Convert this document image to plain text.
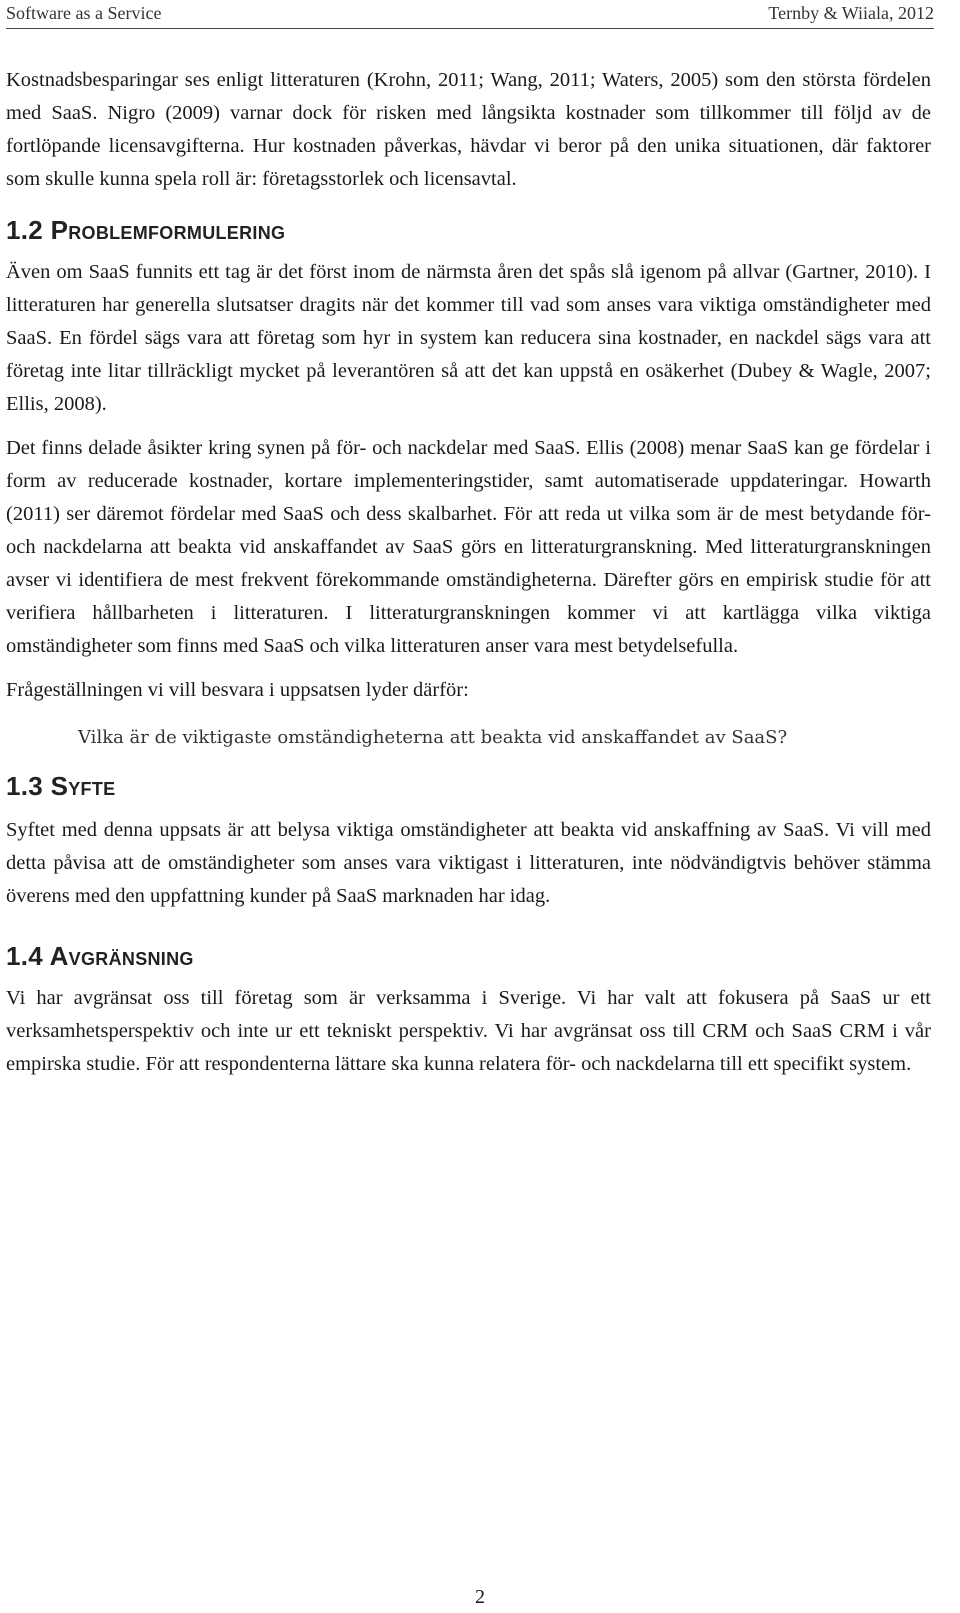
Software as a Service	Ternby & Wiiala, 2012

Kostnadsbesparingar ses enligt litteraturen (Krohn, 2011; Wang, 2011; Waters, 2005) som den största fördelen med SaaS. Nigro (2009) varnar dock för risken med långsikta kostnader som tillkommer till följd av de fortlöpande licensavgifterna. Hur kostnaden påverkas, hävdar vi beror på den unika situationen, där faktorer som skulle kunna spela roll är: företagsstorlek och licensavtal.

1.2 Problemformulering

Även om SaaS funnits ett tag är det först inom de närmsta åren det spås slå igenom på allvar (Gartner, 2010). I litteraturen har generella slutsatser dragits när det kommer till vad som anses vara viktiga omständigheter med SaaS. En fördel sägs vara att företag som hyr in system kan reducera sina kostnader, en nackdel sägs vara att företag inte litar tillräckligt mycket på leverantören så att det kan uppstå en osäkerhet (Dubey & Wagle, 2007; Ellis, 2008).

Det finns delade åsikter kring synen på för- och nackdelar med SaaS. Ellis (2008) menar SaaS kan ge fördelar i form av reducerade kostnader, kortare implementeringstider, samt automatiserade uppdateringar. Howarth (2011) ser däremot fördelar med SaaS och dess skalbarhet. För att reda ut vilka som är de mest betydande för- och nackdelarna att beakta vid anskaffandet av SaaS görs en litteraturgranskning. Med litteraturgranskningen avser vi identifiera de mest frekvent förekommande omständigheterna. Därefter görs en empirisk studie för att verifiera hållbarheten i litteraturen. I litteraturgranskningen kommer vi att kartlägga vilka viktiga omständigheter som finns med SaaS och vilka litteraturen anser vara mest betydelsefulla.

Frågeställningen vi vill besvara i uppsatsen lyder därför:

Vilka är de viktigaste omständigheterna att beakta vid anskaffandet av SaaS?
1.3 Syfte

Syftet med denna uppsats är att belysa viktiga omständigheter att beakta vid anskaffning av SaaS. Vi vill med detta påvisa att de omständigheter som anses vara viktigast i litteraturen, inte nödvändigtvis behöver stämma överens med den uppfattning kunder på SaaS marknaden har idag.

1.4 Avgränsning

Vi har avgränsat oss till företag som är verksamma i Sverige. Vi har valt att fokusera på SaaS ur ett verksamhetsperspektiv och inte ur ett tekniskt perspektiv. Vi har avgränsat oss till CRM och SaaS CRM i vår empirska studie. För att respondenterna lättare ska kunna relatera för- och nackdelarna till ett specifikt system.

2
